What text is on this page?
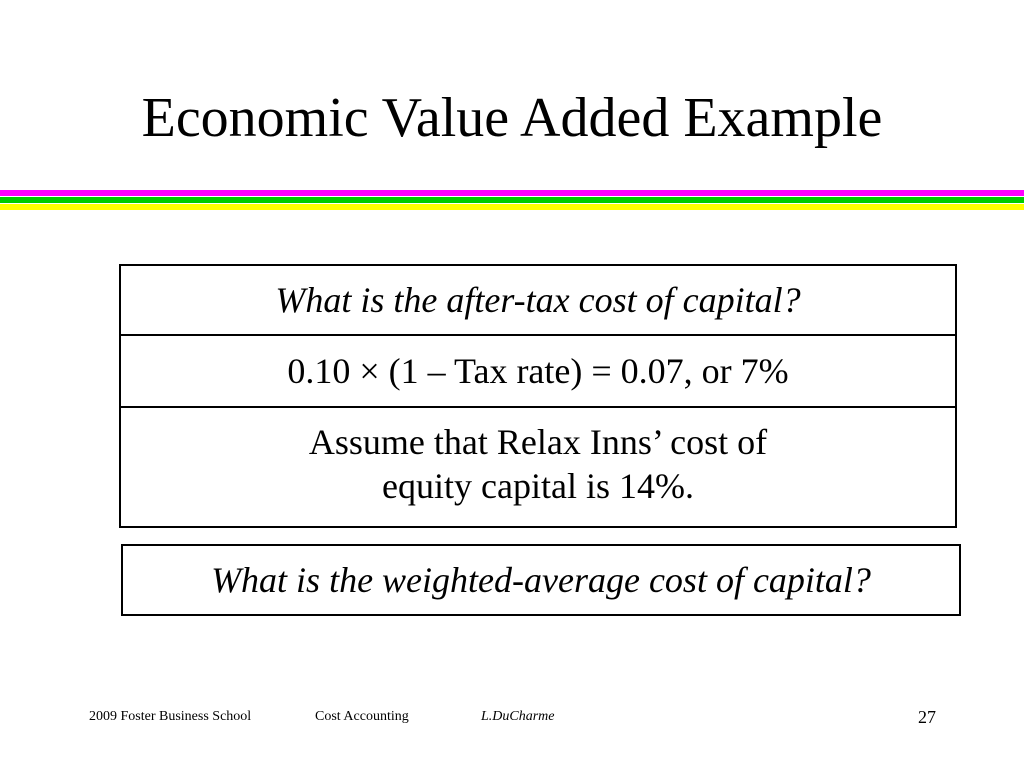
Economic Value Added Example
What is the after-tax cost of capital?
0.10 × (1 – Tax rate) = 0.07, or 7%
Assume that Relax Inns’ cost of
equity capital is 14%.
What is the weighted-average cost of capital?
2009 Foster Business School	Cost Accounting	L.DuCharme	27
